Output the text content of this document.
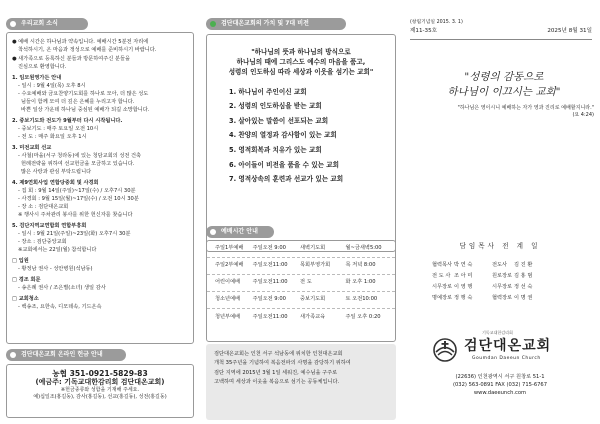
우리교회 소식

● 예배 시간은 하나님과 약속입니다. 예배시간 5분전 자리에

착석하시기, 온 마음과 정성으로 예배를 준비하시기 바랍니다.

● 새가족으로 등록하신 분들과 방문하여주신 분들을

진심으로 환영합니다.

1. 임모원영가든 안내

- 일시 : 9월 4일(목) 오후 8시

- 수요예배와 금요찬양기도회를 하나로 모아, 더 많은 성도

님들이 함께 모여 더 깊은 은혜를 누리고자 합니다.

바쁜 일상 가운데 하나님 중심된 예배가 되길 소망합니다.

2. 중보기도와 전도가 9월부터 다시 시작됩니다.

- 중보기도 : 매주 토요일 오전 10시

- 전 도 : 매주 화요일 오후 1시

3. 미전교회 선교

- 사철(마을(서구 청라동)에 있는 청담교회의 성전 건축

헌례전략을 위하여 선교헌금을 모금하고 있습니다.

많은 사랑과 관심 부탁드립니다

4. 제9연회사업 연합당중회 및 사경회

- 집 회 : 9월 14일(주일)~17일(수) / 오후7시 30분

- 사경회 : 9월 15일(월)~17일(수) / 오전 10시 30분

- 장 소 : 검단대온교회

※ 행사시 주차관리 봉사를 위한 헌신자를 찾습니다

5. 검단지역교연합회 연합부흥회

- 일시 : 9월 21일(주일)~23일(화) 오후7시 30분

- 장소 : 검단중앙교회

※교회에서는 22일(월) 참석합니다

□ 입원

- 황정남 권사 - 성안병원(석남동)

□ 경조 회문

- 송은례 권사 / 조은별(소녀) 생일 감사

□ 교회청소

- 백송조, 요한속, 디모데속, 기드온속

검단대온교회 온라인 헌금 안내
농협 351-0921-5829-83
(예금주: 기독교대한감리회 검단대온교회)
※헌금종류와 성함을 기재해 주세요.
예)십일조(홍길동), 감사(홍길동), 선교(홍길동), 성전(홍길동)
"하나님의 뜻과 하나님의 방식으로
하나님의 때에 그리스도 예수의 마음을 품고,
성령의 인도하심 따라 세상과 이웃을 섬기는 교회"
1. 하나님이 주인이신 교회
2. 성령의 인도하심을 받는 교회
3. 살아있는 말씀이 선포되는 교회
4. 찬양의 열정과 감사함이 있는 교회
5. 영적회복과 치유가 있는 교회
6. 아이들이 비전을 품을 수 있는 교회
7. 영적상속의 훈련과 선교가 있는 교회
검단대온교회의 가치 및 7대 비전
주일1부예배	주일오전 9:00	새벽기도회	월~금새벽5:00
주일2부예배	주일오전11:00	목회부영가회	목 저녁 8:00
어린이예배	주일오전11:00	전 도	화 오후 1:00
청소년예배	주일오전 9:00	중보기도회	토 오전10:00
청년부예배	주일오전11:00	새가족교육	주일 오후 0:20
예배시간 안내
검단대온교회는 인천 서구 석남동에 위치한 인천대온교회
개척 35주년을 기념하여 복음전파의 사명을 감당하기 위하여
검단 지역에 2015년 3월 1일 세워진, 예수님을 구주로
고백하며 세상과 이웃을 복음으로 섬기는 공동체입니다.
(창립기념일 2015. 3. 1)
제11-35호	2025년 8월 31일
"성령의 감동으로
하나님이 이끄시는 교회"
"하나님은 영이시니 예배하는 자가 영과 진리로 예배할지니라."
(요 4:24)
담임목사 전 계 일
협력목사 박 연 숙	전도사	김 진 환
전 도 사 조 아 미	원로장로 김 홍 범
시무장로 이 영 행	시무장로 정 선 숙
명예장로 정 행 숙	협력장로 이 명 권
기독교대한감리회
검단대온교회
Goumdan Daeeun Church
(22636) 인천광역시 서구 원창로 51-1
(032) 563-0891 FAX (032) 715-6767
www.daeeunch.com
